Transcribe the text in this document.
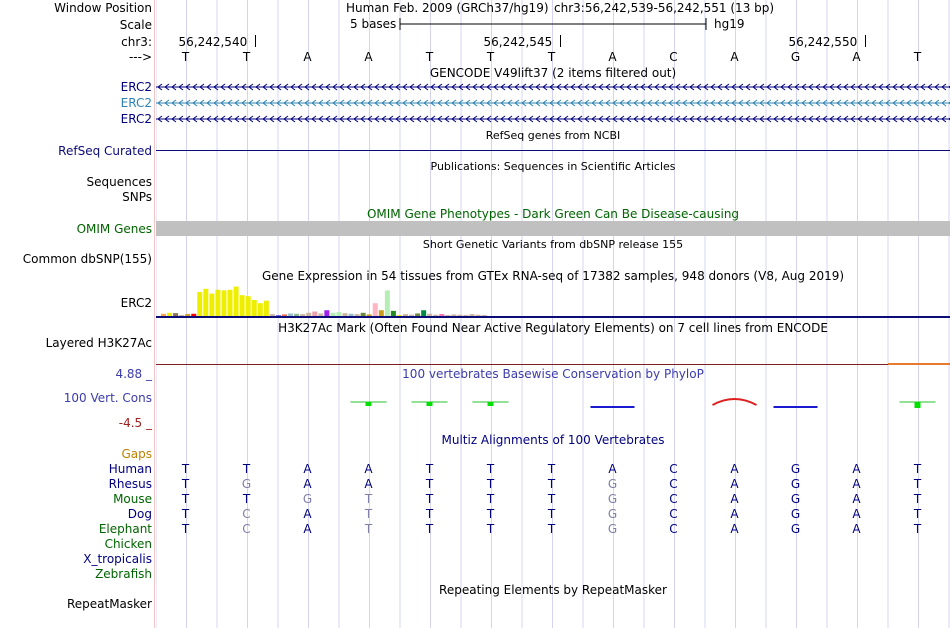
Window Position	Human Feb. 2009 (GRCh37/hg19) chr3:56,242,539-56,242,551 (13 bp)
Scale	5 bases	hg19
chr3: 56,242,540	56,242,545	56,242,550
--->	T	T	A	A	T	T	T	A	C	A	G	A	T
GENCODE V49lift37 (2 items filtered out)
ERC2
ERC2
ERC2
RefSeq genes from NCBI
RefSeq Curated
Publications: Sequences in Scientific Articles
Sequences
SNPs
OMIM Gene Phenotypes - Dark Green Can Be Disease-causing
OMIM Genes
Short Genetic Variants from dbSNP release 155
Common dbSNP(155)
Gene Expression in 54 tissues from GTEx RNA-seq of 17382 samples, 948 donors (V8, Aug 2019)
ERC2
H3K27Ac Mark (Often Found Near Active Regulatory Elements) on 7 cell lines from ENCODE
Layered H3K27Ac
100 vertebrates Basewise Conservation by PhyloP
4.88 _
100 Vert. Cons
-4.5 _
Multiz Alignments of 100 Vertebrates
Gaps
Human	T	T	A	A	T	T	T	A	C	A	G	A	T
Rhesus	T	G	A	A	T	T	T	G	C	A	G	A	T
Mouse	T	T	G	T	T	T	T	G	C	A	G	A	T
Dog	T	C	A	T	T	T	T	G	C	A	G	A	T
Elephant	T	C	A	T	T	T	T	G	C	A	G	A	T
Chicken
X_tropicalis
Zebrafish
Repeating Elements by RepeatMasker
RepeatMasker
